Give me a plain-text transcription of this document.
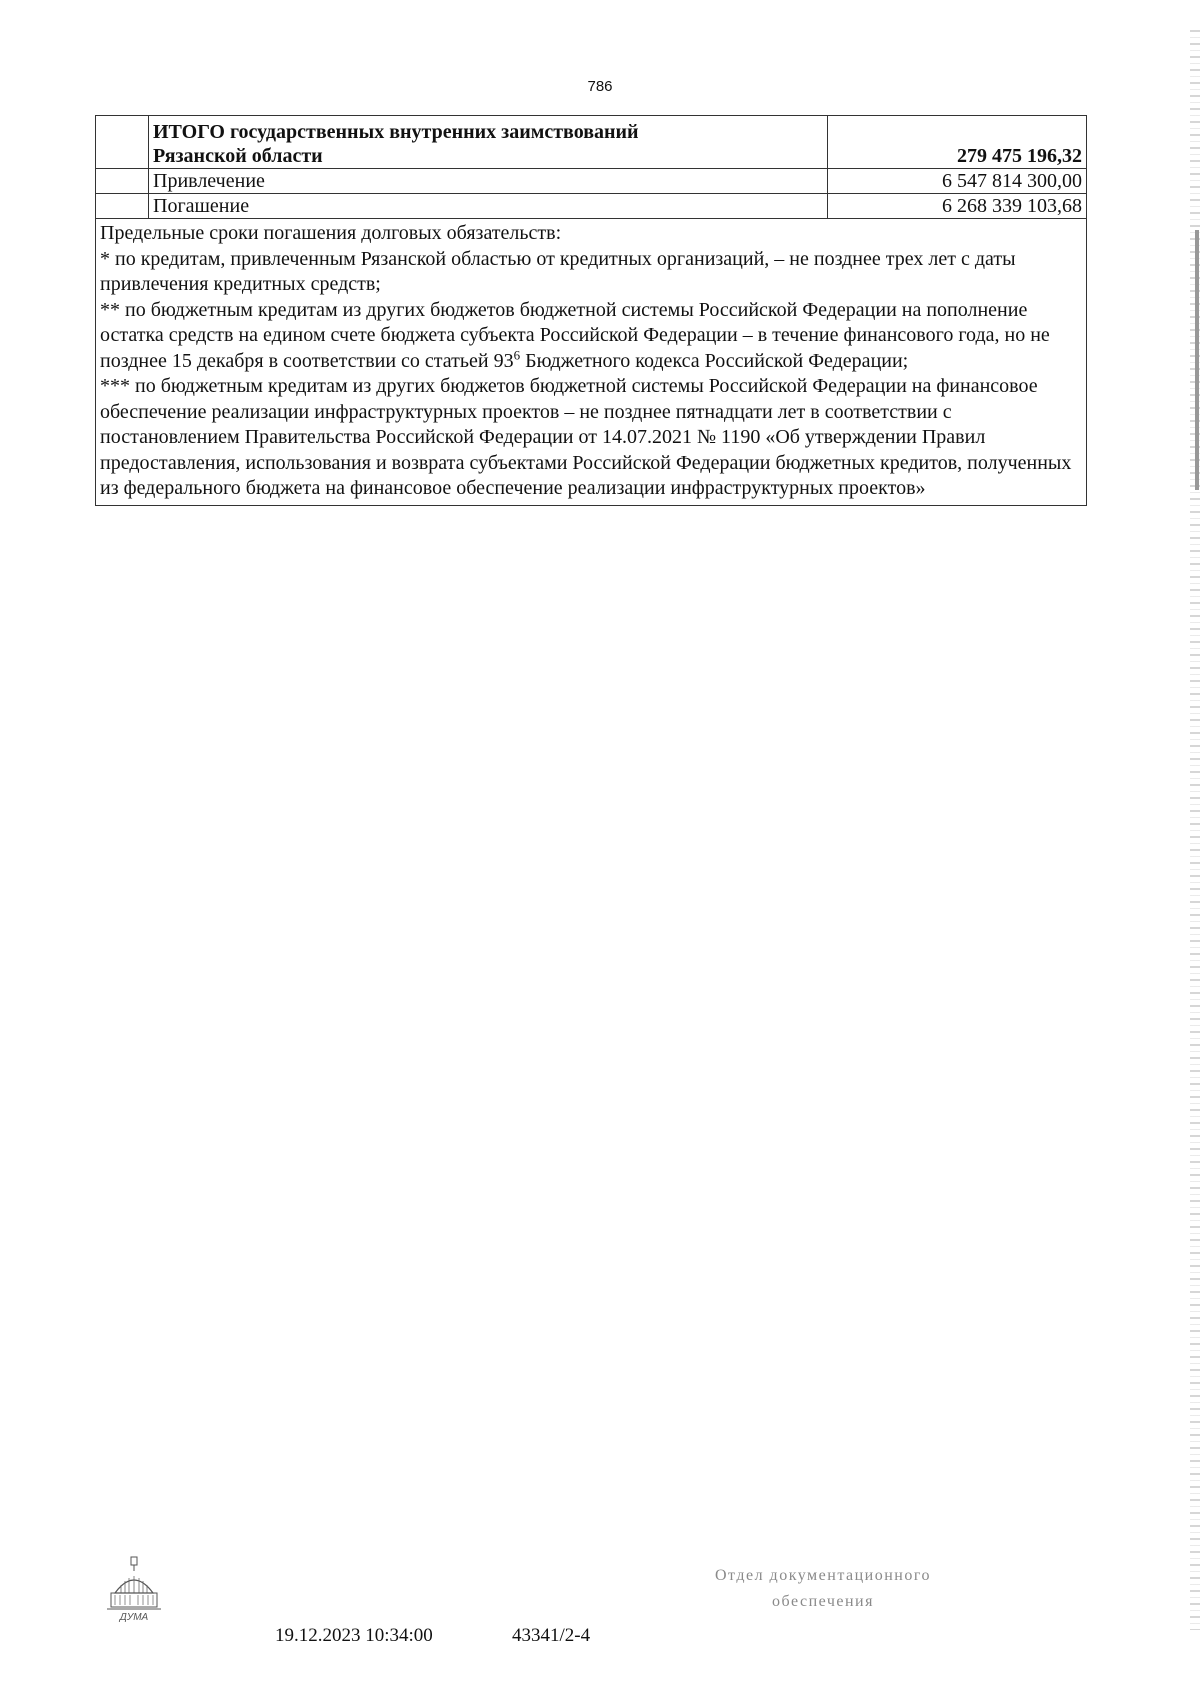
786
	ИТОГО государственных внутренних заимствований
Рязанской области	279 475 196,32
	Привлечение	6 547 814 300,00
	Погашение	6 268 339 103,68

Предельные сроки погашения долговых обязательств:

* по кредитам, привлеченным Рязанской областью от кредитных организаций, – не позднее трех лет с даты привлечения кредитных средств;

** по бюджетным кредитам из других бюджетов бюджетной системы Российской Федерации на пополнение остатка средств на едином счете бюджета субъекта Российской Федерации – в течение финансового года, но не позднее 15 декабря в соответствии со статьей $93^6$ Бюджетного кодекса Российской Федерации;

*** по бюджетным кредитам из других бюджетов бюджетной системы Российской Федерации на финансовое обеспечение реализации инфраструктурных проектов – не позднее пятнадцати лет в соответствии с постановлением Правительства Российской Федерации от 14.07.2021 № 1190 «Об утверждении Правил предоставления, использования и возврата субъектами Российской Федерации бюджетных кредитов, полученных из федерального бюджета на финансовое обеспечение реализации инфраструктурных проектов»		

ДУМА
19.12.2023 10:34:00	43341/2-4
Отдел документационного
обеспечения
